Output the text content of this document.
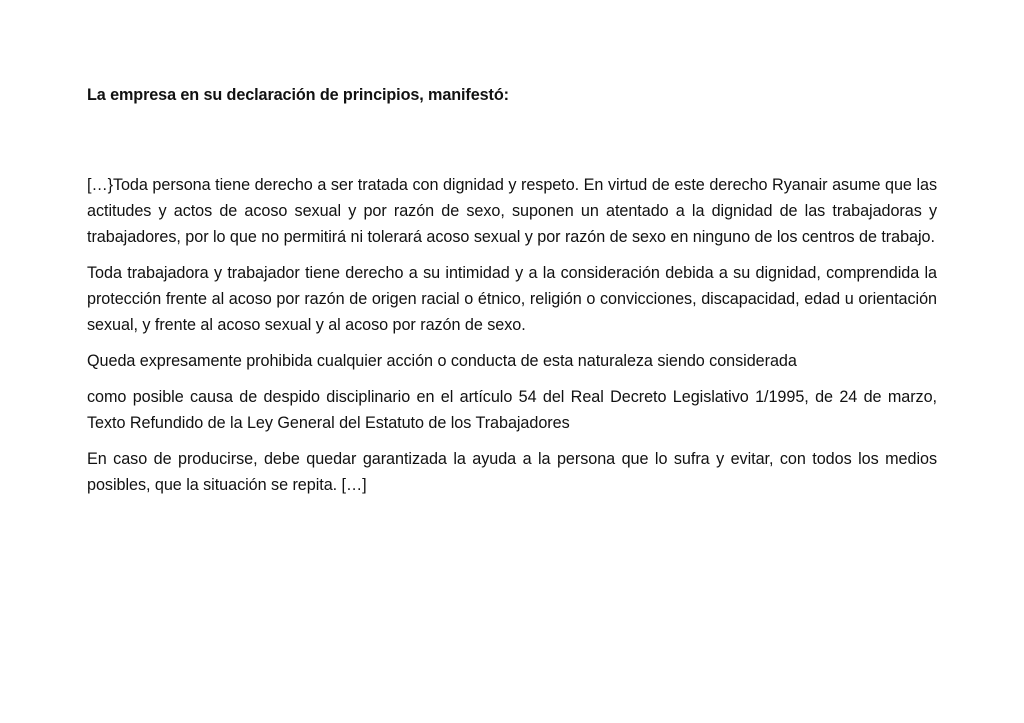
La empresa en su declaración de principios, manifestó:

[…}Toda persona tiene derecho a ser tratada con dignidad y respeto. En virtud de este derecho Ryanair asume que las actitudes y actos de acoso sexual y por razón de sexo, suponen un atentado a la dignidad de las trabajadoras y trabajadores, por lo que no permitirá ni tolerará acoso sexual y por razón de sexo en ninguno de los centros de trabajo.

Toda trabajadora y trabajador tiene derecho a su intimidad y a la consideración debida a su dignidad, comprendida la protección frente al acoso por razón de origen racial o étnico, religión o convicciones, discapacidad, edad u orientación sexual, y frente al acoso sexual y al acoso por razón de sexo.

Queda expresamente prohibida cualquier acción o conducta de esta naturaleza siendo considerada

como posible causa de despido disciplinario en el artículo 54 del Real Decreto Legislativo 1/1995, de 24 de marzo, Texto Refundido de la Ley General del Estatuto de los Trabajadores

En caso de producirse, debe quedar garantizada la ayuda a la persona que lo sufra y evitar, con todos los medios posibles, que la situación se repita. […]
